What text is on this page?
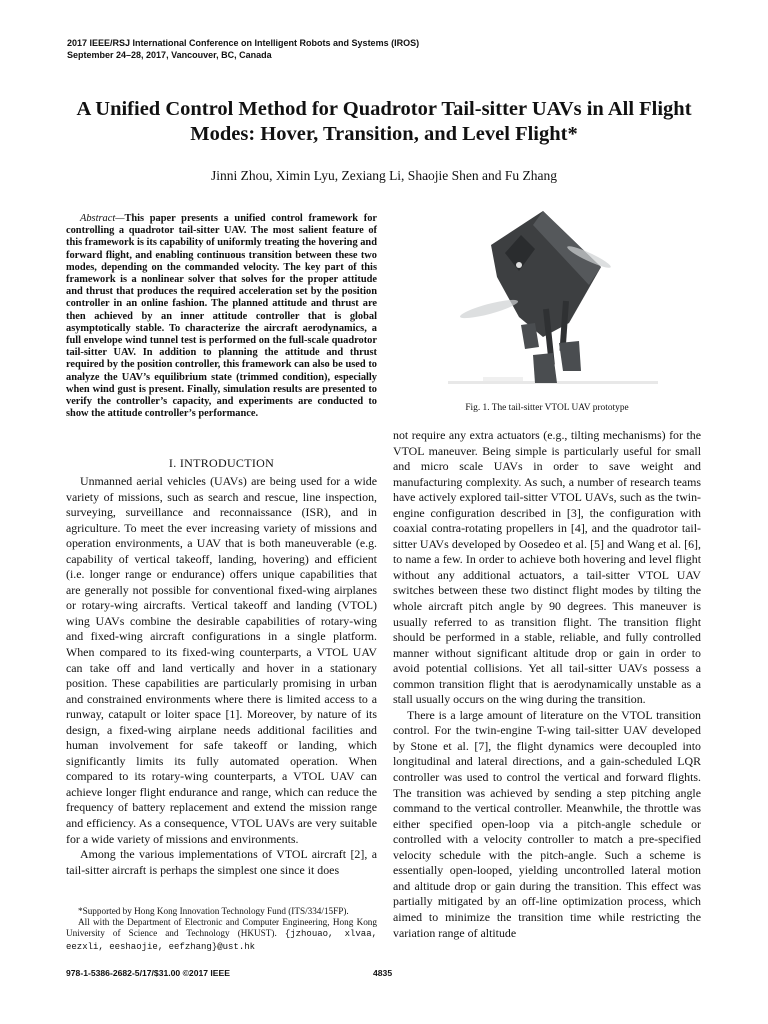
2017 IEEE/RSJ International Conference on Intelligent Robots and Systems (IROS)
September 24–28, 2017, Vancouver, BC, Canada
A Unified Control Method for Quadrotor Tail-sitter UAVs in All Flight
Modes: Hover, Transition, and Level Flight*
Jinni Zhou, Ximin Lyu, Zexiang Li, Shaojie Shen and Fu Zhang
Abstract—This paper presents a unified control framework for controlling a quadrotor tail-sitter UAV. The most salient feature of this framework is its capability of uniformly treating the hovering and forward flight, and enabling continuous transition between these two modes, depending on the commanded velocity. The key part of this framework is a nonlinear solver that solves for the proper attitude and thrust that produces the required acceleration set by the position controller in an online fashion. The planned attitude and thrust are then achieved by an inner attitude controller that is global asymptotically stable. To characterize the aircraft aerodynamics, a full envelope wind tunnel test is performed on the full-scale quadrotor tail-sitter UAV. In addition to planning the attitude and thrust required by the position controller, this framework can also be used to analyze the UAV’s equilibrium state (trimmed condition), especially when wind gust is present. Finally, simulation results are presented to verify the controller’s capacity, and experiments are conducted to show the attitude controller’s performance.
I. INTRODUCTION

Unmanned aerial vehicles (UAVs) are being used for a wide variety of missions, such as search and rescue, line inspection, surveying, surveillance and reconnaissance (ISR), and in agriculture. To meet the ever increasing variety of missions and operation environments, a UAV that is both maneuverable (e.g. capability of vertical takeoff, landing, hovering) and efficient (i.e. longer range or endurance) offers unique capabilities that are generally not possible for conventional fixed-wing airplanes or rotary-wing aircrafts. Vertical takeoff and landing (VTOL) wing UAVs combine the desirable capabilities of rotary-wing and fixed-wing aircraft configurations in a single platform. When compared to its fixed-wing counterparts, a VTOL UAV can take off and land vertically and hover in a stationary position. These capabilities are particularly promising in urban and constrained environments where there is limited access to a runway, catapult or loiter space [1]. Moreover, by nature of its design, a fixed-wing airplane needs additional facilities and human involvement for safe takeoff or landing, which significantly limits its fully automated operation. When compared to its rotary-wing counterparts, a VTOL UAV can achieve longer flight endurance and range, which can reduce the frequency of battery replacement and extend the mission range and efficiency. As a consequence, VTOL UAVs are very suitable for a wide variety of missions and environments.

Among the various implementations of VTOL aircraft [2], a tail-sitter aircraft is perhaps the simplest one since it does

*Supported by Hong Kong Innovation Technology Fund (ITS/334/15FP).

All with the Department of Electronic and Computer Engineering, Hong Kong University of Science and Technology (HKUST). {jzhouao, xlvaa, eezxli, eeshaojie, eefzhang}@ust.hk

Fig. 1. The tail-sitter VTOL UAV prototype

not require any extra actuators (e.g., tilting mechanisms) for the VTOL maneuver. Being simple is particularly useful for small and micro scale UAVs in order to save weight and manufacturing complexity. As such, a number of research teams have actively explored tail-sitter VTOL UAVs, such as the twin-engine configuration described in [3], the configuration with coaxial contra-rotating propellers in [4], and the quadrotor tail-sitter UAVs developed by Oosedeo et al. [5] and Wang et al. [6], to name a few. In order to achieve both hovering and level flight without any additional actuators, a tail-sitter VTOL UAV switches between these two distinct flight modes by tilting the whole aircraft pitch angle by 90 degrees. This maneuver is usually referred to as transition flight. The transition flight should be performed in a stable, reliable, and fully controlled manner without significant altitude drop or gain in order to avoid potential collisions. Yet all tail-sitter UAVs possess a common transition flight that is aerodynamically unstable as a stall usually occurs on the wing during the transition.

There is a large amount of literature on the VTOL transition control. For the twin-engine T-wing tail-sitter UAV developed by Stone et al. [7], the flight dynamics were decoupled into longitudinal and lateral directions, and a gain-scheduled LQR controller was used to control the vertical and forward flights. The transition was achieved by sending a step pitching angle command to the vertical controller. Meanwhile, the throttle was either specified open-loop via a pitch-angle schedule or controlled with a velocity controller to match a pre-specified velocity schedule with the pitch-angle. Such a scheme is essentially open-looped, yielding uncontrolled lateral motion and altitude drop or gain during the transition. This effect was partially mitigated by an off-line optimization process, which aimed to minimize the transition time while restricting the variation range of altitude

978-1-5386-2682-5/17/$31.00 ©2017 IEEE	4835
